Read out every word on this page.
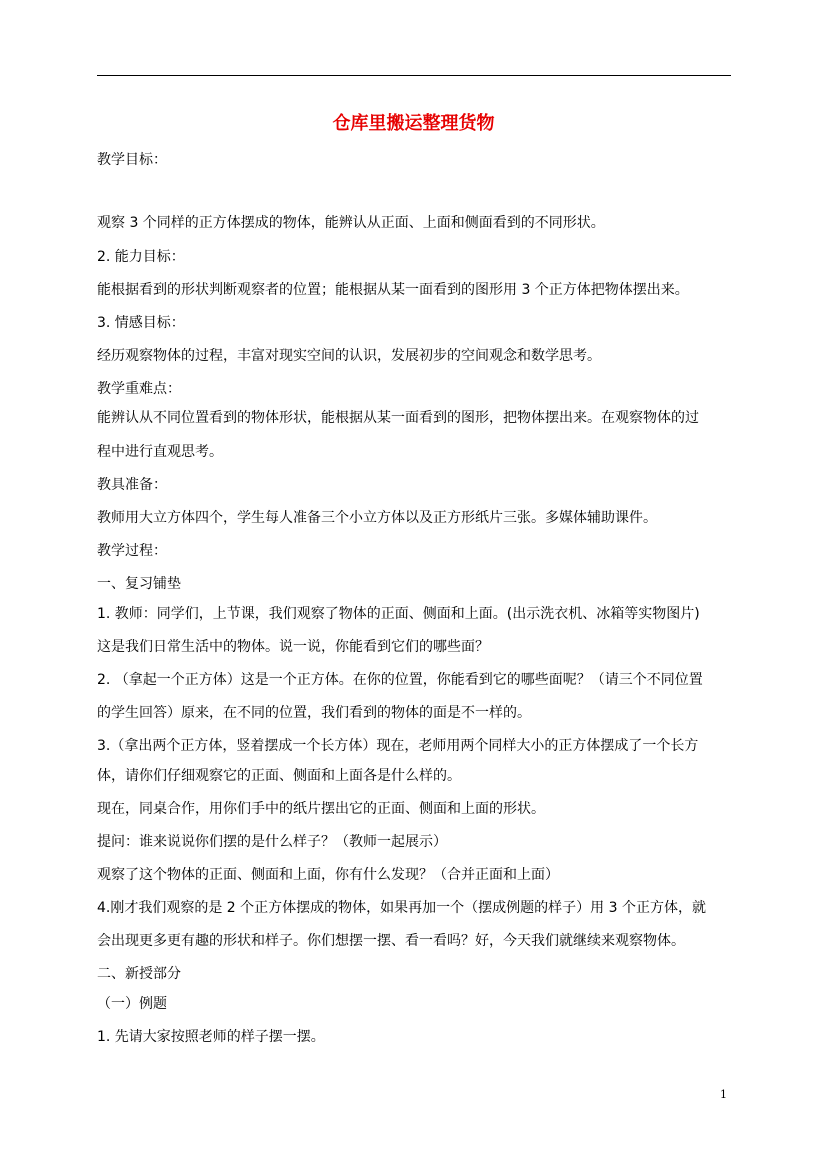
仓库里搬运整理货物
教学目标：
观察 3 个同样的正方体摆成的物体，能辨认从正面、上面和侧面看到的不同形状。
2. 能力目标：
能根据看到的形状判断观察者的位置；能根据从某一面看到的图形用 3 个正方体把物体摆出来。
3. 情感目标：
经历观察物体的过程，丰富对现实空间的认识，发展初步的空间观念和数学思考。
教学重难点：
能辨认从不同位置看到的物体形状，能根据从某一面看到的图形，把物体摆出来。在观察物体的过
程中进行直观思考。
教具准备：
教师用大立方体四个，学生每人准备三个小立方体以及正方形纸片三张。多媒体辅助课件。
教学过程：
一、复习铺垫
1. 教师：同学们，上节课，我们观察了物体的正面、侧面和上面。(出示洗衣机、冰箱等实物图片)
这是我们日常生活中的物体。说一说，你能看到它们的哪些面？
2. （拿起一个正方体）这是一个正方体。在你的位置，你能看到它的哪些面呢？（请三个不同位置
的学生回答）原来，在不同的位置，我们看到的物体的面是不一样的。
3.（拿出两个正方体，竖着摆成一个长方体）现在，老师用两个同样大小的正方体摆成了一个长方
体，请你们仔细观察它的正面、侧面和上面各是什么样的。
现在，同桌合作，用你们手中的纸片摆出它的正面、侧面和上面的形状。
提问：谁来说说你们摆的是什么样子？（教师一起展示）
观察了这个物体的正面、侧面和上面，你有什么发现？（合并正面和上面）
4.刚才我们观察的是 2 个正方体摆成的物体，如果再加一个（摆成例题的样子）用 3 个正方体，就
会出现更多更有趣的形状和样子。你们想摆一摆、看一看吗？好，今天我们就继续来观察物体。
二、新授部分
（一）例题
1. 先请大家按照老师的样子摆一摆。
1
